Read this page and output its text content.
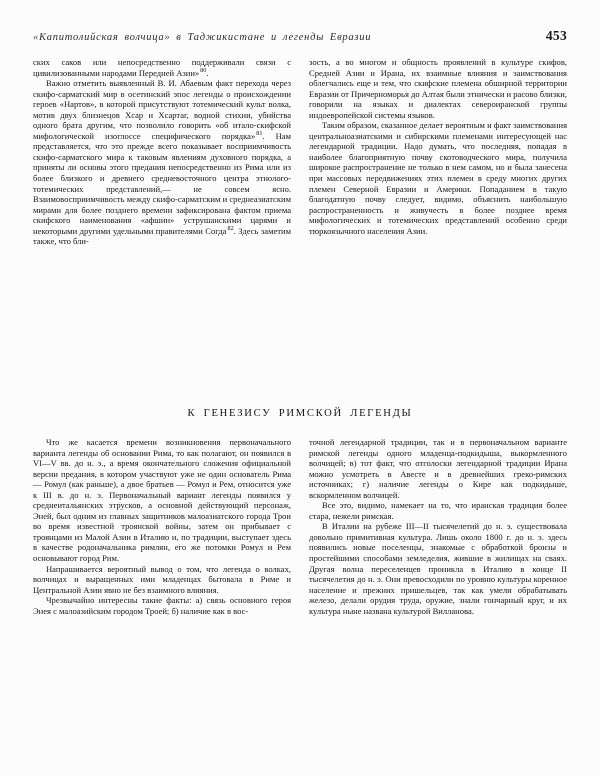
«Капитолийская волчица» в Таджикистане и легенды Евразии	453

ских саков или непосредственно поддерживали связи с цивилизованными народами Передней Азии»$^{80}$.

Важно отметить выявленный В. И. Абаевым факт перехода через скифо-сарматский мир в осетинский эпос легенды о происхождении героев «Нартов», в которой присутствуют тотемический культ волка, мотив двух близнецов Хсар и Хсартаг, водной стихии, убийства одного брата другим, что позволило говорить «об итало-скифской мифологической изоглоссе специфического порядка»$^{81}$. Нам представляется, что это прежде всего показывает восприимчивость скифо-сарматского мира к таковым явлениям духовного порядка, а приняты ли основы этого предания непосредственно из Рима или из более близкого и древнего средневосточного центра этнолого-тотемических представлений,— не совсем ясно. Взаимовосприимчивость между скифо-сарматским и среднеазиатским мирами для более позднего времени зафиксирована фактом приема скифского наименования «афшин» уструшанскими царями и некоторыми другими удельными правителями Согда$^{82}$. Здесь заметим также, что бли-

зость, а во многом и общность проявлений в культуре скифов, Средней Азии и Ирана, их взаимные влияния и заимствования облегчались еще и тем, что скифские племена обширной территории Евразии от Причерноморья до Алтая были этнически и расово близки, говорили на языках и диалектах североиранской группы индоевропейской системы языков.

Таким образом, сказанное делает вероятным и факт заимствования центральноазиатскими и сибирскими племенами интересующей нас легендарной традиции. Надо думать, что последняя, попадая в наиболее благоприятную почву скотоводческого мира, получила широкое распространение не только в нем самом, но и была занесена при массовых передвижениях этих племен в среду многих других племен Северной Евразии и Америки. Попаданием в такую благодатную почву следует, видимо, объяснить наибольшую распространенность и живучесть в более позднее время мифологических и тотемических представлений особенно среди тюркоязычного населения Азии.

К ГЕНЕЗИСУ РИМСКОЙ ЛЕГЕНДЫ

Что же касается времени возникновения первоначального варианта легенды об основании Рима, то как полагают, он появился в VI—V вв. до н. э., а время окончательного сложения официальной версии предания, в котором участвуют уже не один основатель Рима — Ромул (как раньше), а двое братьев — Ромул и Рем, относится уже к III в. до н. э. Первоначальный вариант легенды появился у среднеитальянских этрусков, а основной действующий персонаж, Эней, был одним из главных защитников малоазиатского города Трои во время известной троянской войны, затем он прибывает с троянцами из Малой Азии в Италию и, по традиции, выступает здесь в качестве родоначальника римлян, его же потомки Ромул и Рем основывают город Рим.

Напрашивается вероятный вывод о том, что легенда о волках, волчицах и выращенных ими младенцах бытовала в Риме и Центральной Азии явно не без взаимного влияния.

Чрезвычайно интересны такие факты: а) связь основного героя Энея с малоазийским городом Троей; б) наличие как в вос-

точной легендарной традиции, так и в первоначальном варианте римской легенды одного младенца-подкидыша, выкормленного волчицей; в) тот факт, что отголоски легендарной традиции Ирана можно усмотреть в Авесте и в древнейших греко-римских источниках; г) наличие легенды о Кире как подкидыше, вскормленном волчицей.

Все это, видимо, намекает на то, что иранская традиция более стара, нежели римская.

В Италии на рубеже III—II тысячелетий до н. э. существовала довольно примитивная культура. Лишь около 1800 г. до н. э. здесь появились новые поселенцы, знакомые с обработкой бронзы и простейшими способами земледелия, жившие в жилищах на сваях. Другая волна переселенцев проникла в Италию в конце II тысячелетия до н. э. Они превосходили по уровню культуры коренное население и прежних пришельцев, так как умели обрабатывать железо, делали орудия труда, оружие, знали гончарный круг, и их культура ныне названа культурой Вилланова.
